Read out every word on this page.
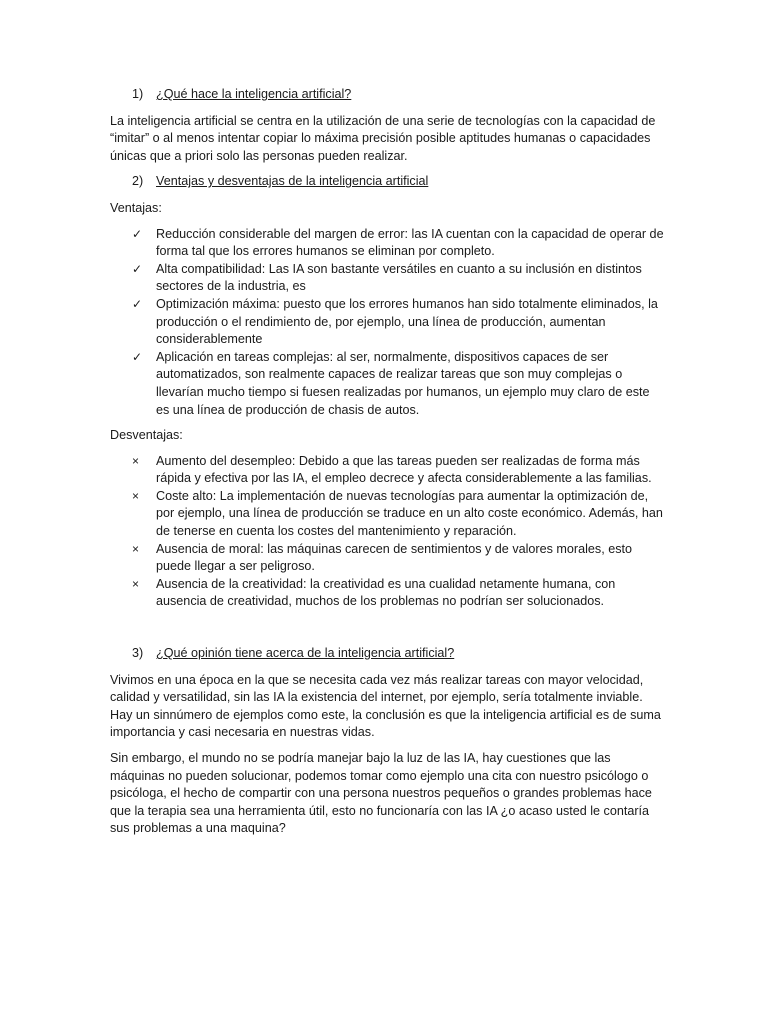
1) ¿Qué hace la inteligencia artificial?

La inteligencia artificial se centra en la utilización de una serie de tecnologías con la capacidad de “imitar” o al menos intentar copiar lo máxima precisión posible aptitudes humanas o capacidades únicas que a priori solo las personas pueden realizar.

2) Ventajas y desventajas de la inteligencia artificial
Ventajas:
✓ Reducción considerable del margen de error: las IA cuentan con la capacidad de operar de forma tal que los errores humanos se eliminan por completo.
✓ Alta compatibilidad: Las IA son bastante versátiles en cuanto a su inclusión en distintos sectores de la industria, es
✓ Optimización máxima: puesto que los errores humanos han sido totalmente eliminados, la producción o el rendimiento de, por ejemplo, una línea de producción, aumentan considerablemente
✓ Aplicación en tareas complejas: al ser, normalmente, dispositivos capaces de ser automatizados, son realmente capaces de realizar tareas que son muy complejas o llevarían mucho tiempo si fuesen realizadas por humanos, un ejemplo muy claro de este es una línea de producción de chasis de autos.
Desventajas:
× Aumento del desempleo: Debido a que las tareas pueden ser realizadas de forma más rápida y efectiva por las IA, el empleo decrece y afecta considerablemente a las familias.
× Coste alto: La implementación de nuevas tecnologías para aumentar la optimización de, por ejemplo, una línea de producción se traduce en un alto coste económico. Además, han de tenerse en cuenta los costes del mantenimiento y reparación.
× Ausencia de moral: las máquinas carecen de sentimientos y de valores morales, esto puede llegar a ser peligroso.
× Ausencia de la creatividad: la creatividad es una cualidad netamente humana, con ausencia de creatividad, muchos de los problemas no podrían ser solucionados.
3) ¿Qué opinión tiene acerca de la inteligencia artificial?

Vivimos en una época en la que se necesita cada vez más realizar tareas con mayor velocidad, calidad y versatilidad, sin las IA la existencia del internet, por ejemplo, sería totalmente inviable. Hay un sinnúmero de ejemplos como este, la conclusión es que la inteligencia artificial es de suma importancia y casi necesaria en nuestras vidas.

Sin embargo, el mundo no se podría manejar bajo la luz de las IA, hay cuestiones que las máquinas no pueden solucionar, podemos tomar como ejemplo una cita con nuestro psicólogo o psicóloga, el hecho de compartir con una persona nuestros pequeños o grandes problemas hace que la terapia sea una herramienta útil, esto no funcionaría con las IA ¿o acaso usted le contaría sus problemas a una maquina?
